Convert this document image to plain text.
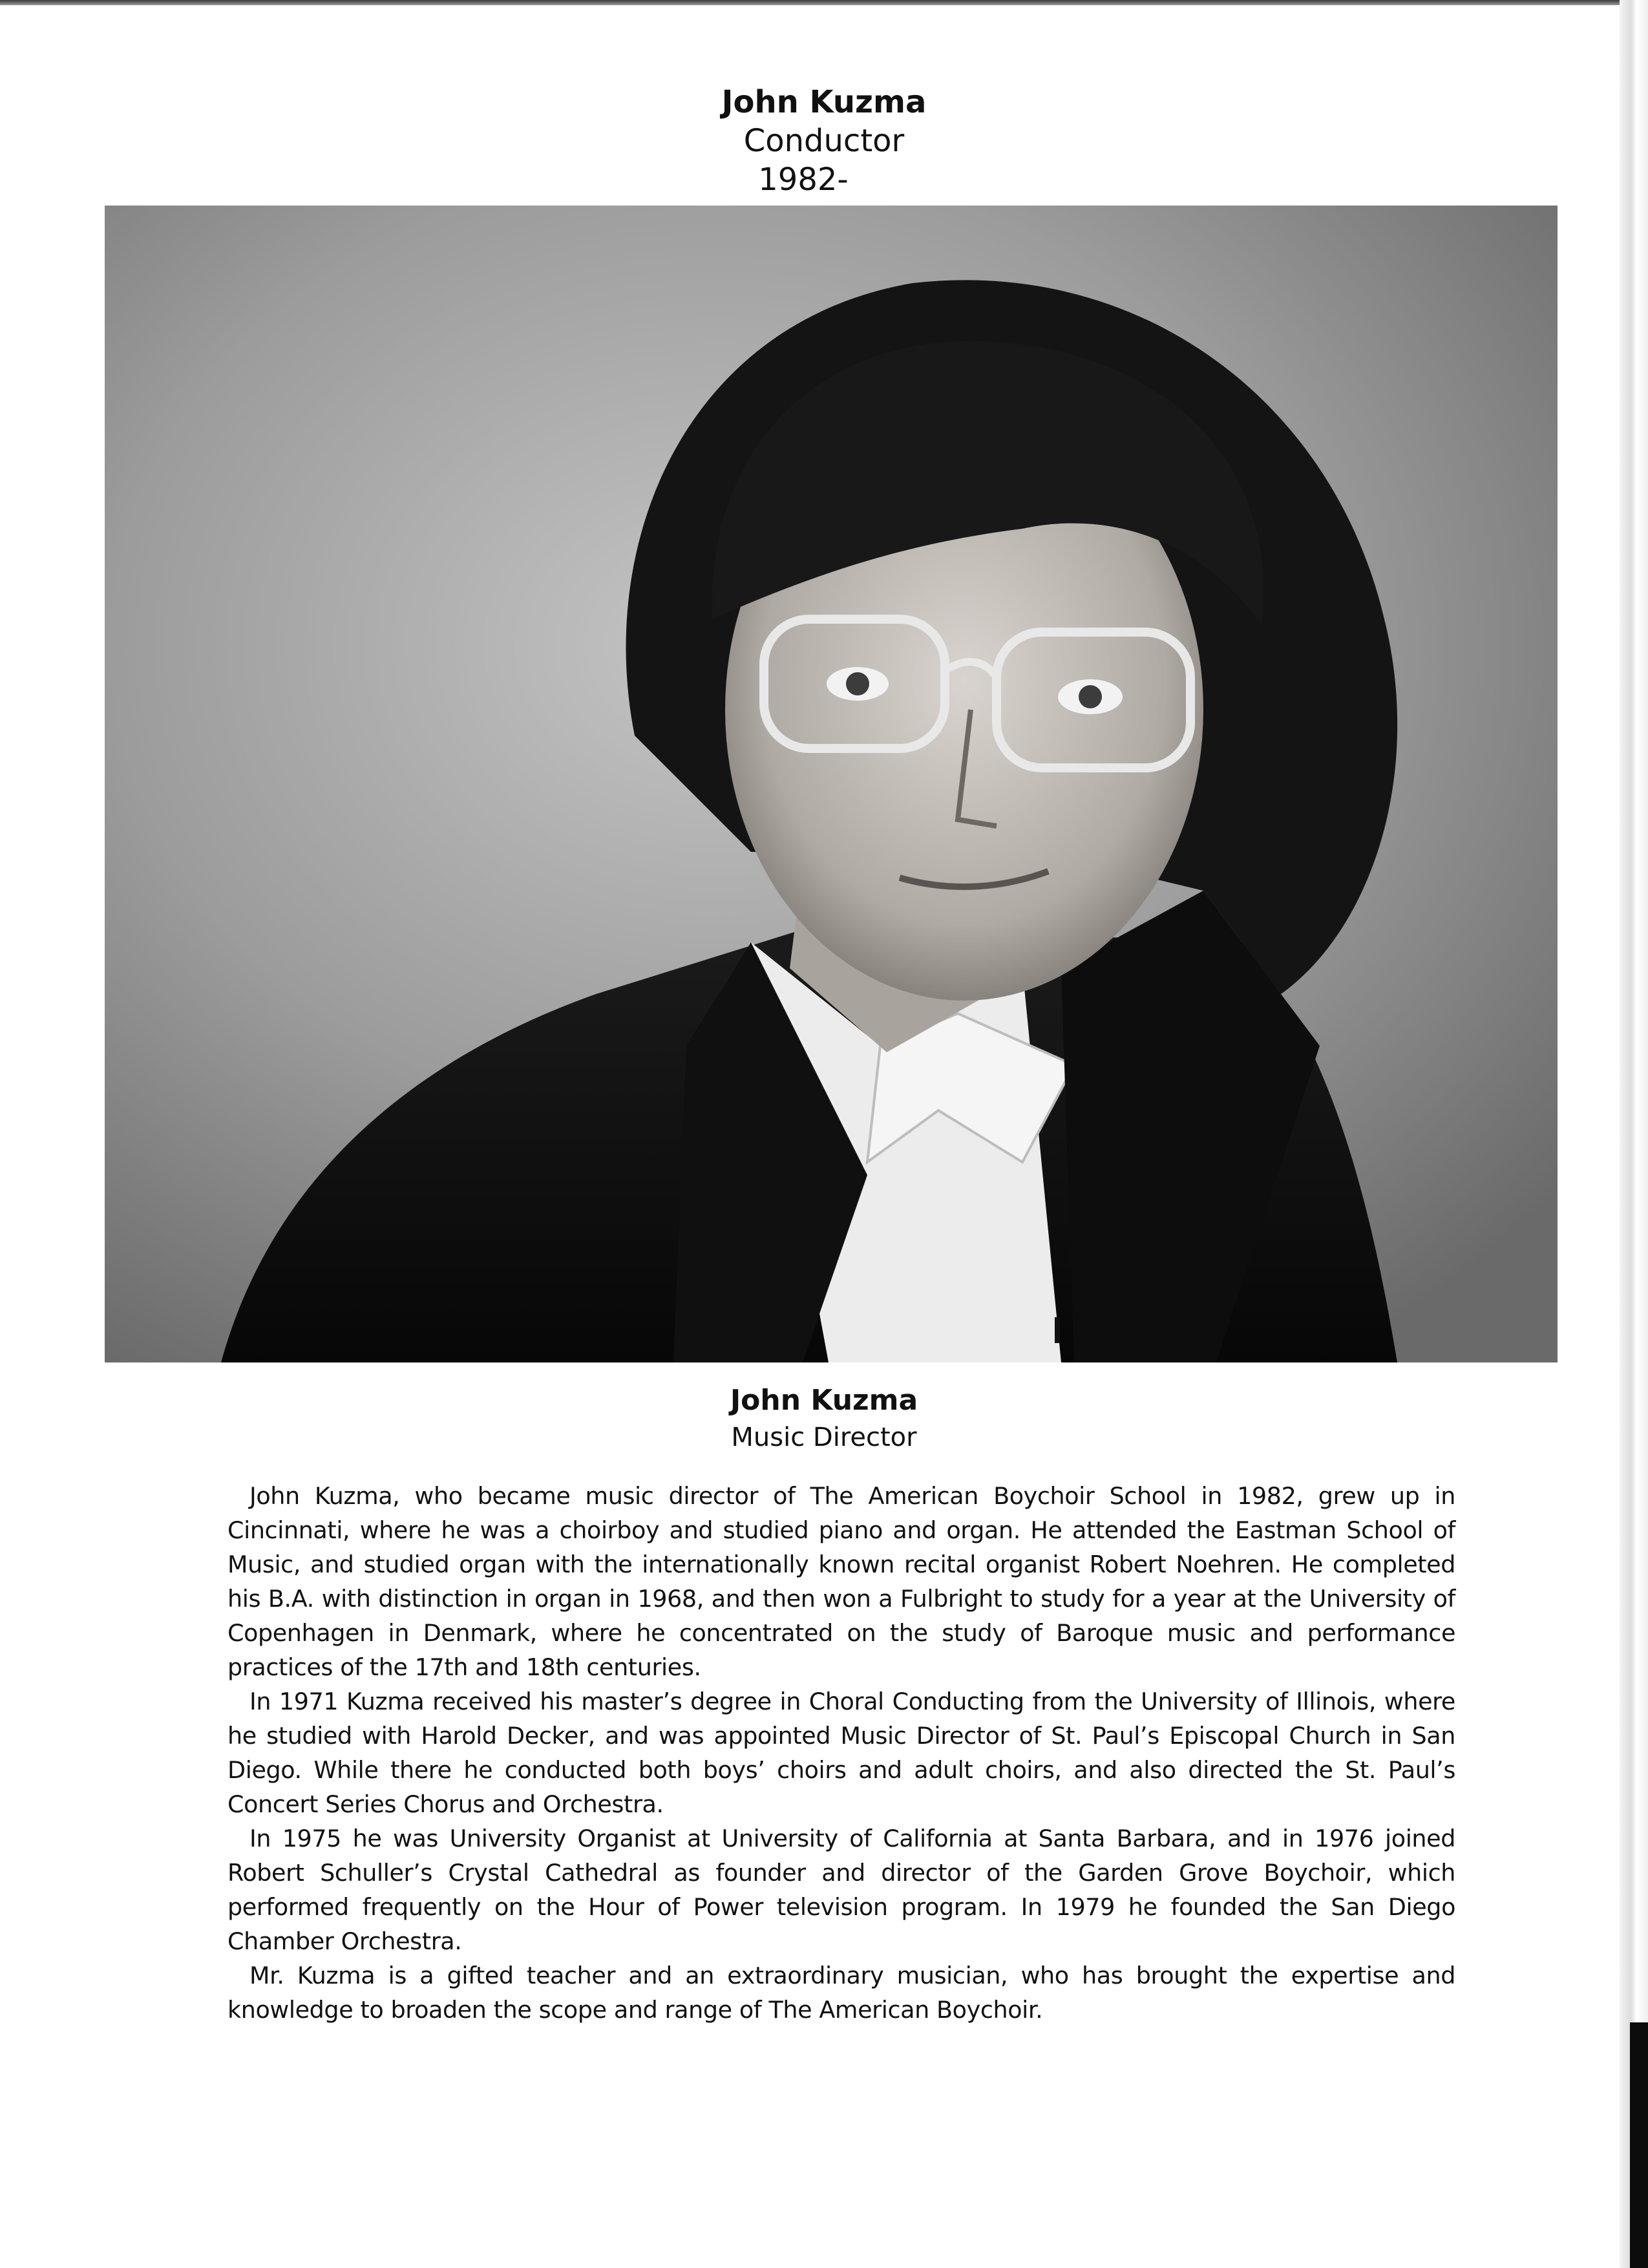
John Kuzma
Conductor
1982-
John Kuzma
Music Director

John Kuzma, who became music director of The American Boychoir School in 1982, grew up in Cincinnati, where he was a choirboy and studied piano and organ. He attended the Eastman School of Music, and studied organ with the internationally known recital organist Robert Noehren. He completed his B.A. with distinction in organ in 1968, and then won a Fulbright to study for a year at the University of Copenhagen in Denmark, where he concentrated on the study of Baroque music and performance practices of the 17th and 18th centuries.

In 1971 Kuzma received his master’s degree in Choral Conducting from the University of Illinois, where he studied with Harold Decker, and was appointed Music Director of St. Paul’s Episcopal Church in San Diego. While there he conducted both boys’ choirs and adult choirs, and also directed the St. Paul’s Concert Series Chorus and Orchestra.

In 1975 he was University Organist at University of California at Santa Barbara, and in 1976 joined Robert Schuller’s Crystal Cathedral as founder and director of the Garden Grove Boychoir, which performed frequently on the Hour of Power television program. In 1979 he founded the San Diego Chamber Orchestra.

Mr. Kuzma is a gifted teacher and an extraordinary musician, who has brought the expertise and knowledge to broaden the scope and range of The American Boychoir.
